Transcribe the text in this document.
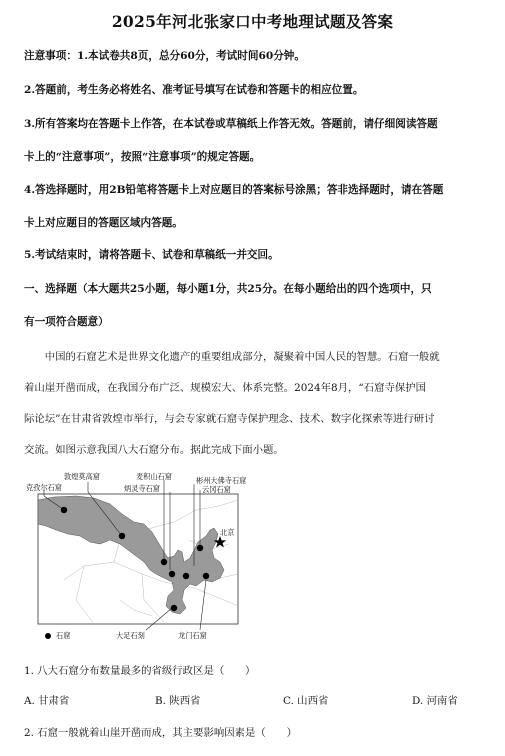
2025年河北张家口中考地理试题及答案
注意事项：1.本试卷共8页，总分60分，考试时间60分钟。
2.答题前，考生务必将姓名、准考证号填写在试卷和答题卡的相应位置。
3.所有答案均在答题卡上作答，在本试卷或草稿纸上作答无效。答题前，请仔细阅读答题
卡上的“注意事项”，按照“注意事项”的规定答题。
4.答选择题时，用2B铅笔将答题卡上对应题目的答案标号涂黑；答非选择题时，请在答题
卡上对应题目的答题区域内答题。
5.考试结束时，请将答题卡、试卷和草稿纸一并交回。
一、选择题（本大题共25小题，每小题1分，共25分。在每小题给出的四个选项中，只
有一项符合题意）
　　中国的石窟艺术是世界文化遗产的重要组成部分，凝聚着中国人民的智慧。石窟一般就
着山崖开凿而成，在我国分布广泛、规模宏大、体系完整。2024年8月，“石窟寺保护国
际论坛”在甘肃省敦煌市举行，与会专家就石窟寺保护理念、技术、数字化探索等进行研讨
交流。如图示意我国八大石窟分布。据此完成下面小题。
敦煌莫高窟
克孜尔石窟
麦积山石窟
炳灵寺石窟
彬州大佛寺石窟
云冈石窟
北京
石窟	大足石刻	龙门石窟
1. 八大石窟分布数量最多的省级行政区是（　　）
A. 甘肃省	B. 陕西省	C. 山西省	D. 河南省
2. 石窟一般就着山崖开凿而成，其主要影响因素是（　　）
